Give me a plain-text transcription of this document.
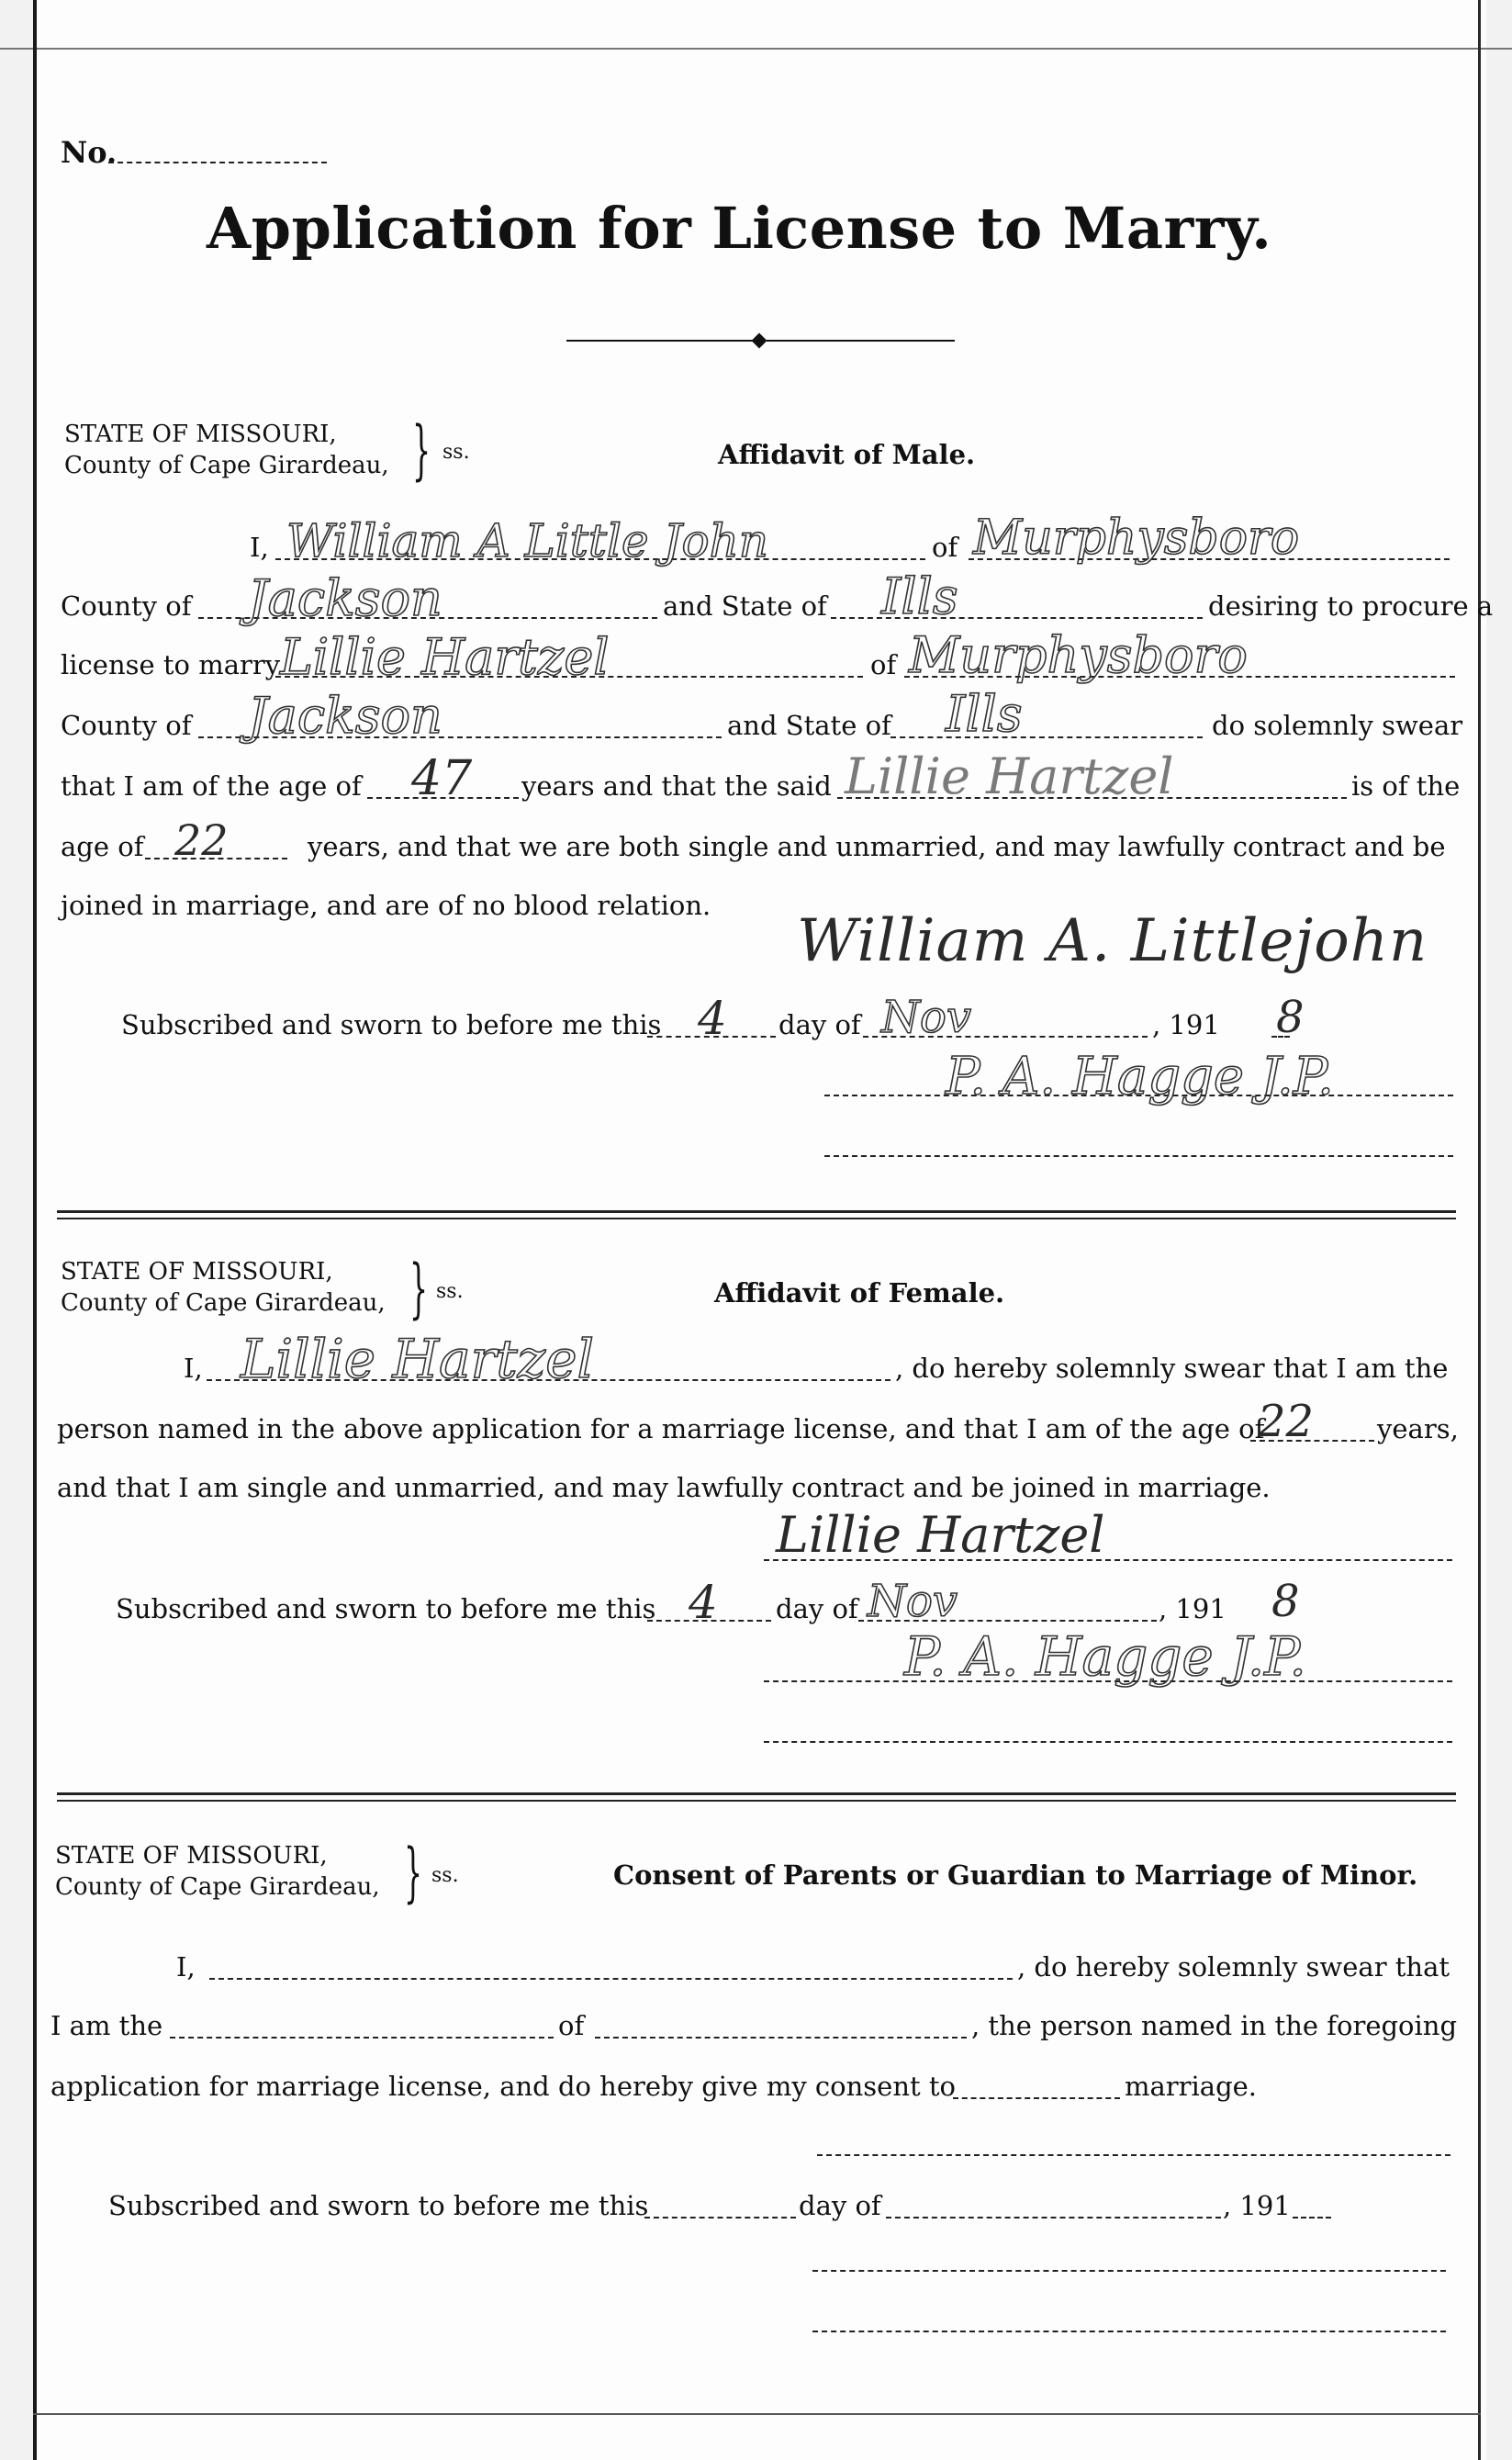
No.
Application for License to Marry.
STATE OF MISSOURI,
County of Cape Girardeau, } ss.	Affidavit of Male.
I, William A Little John	of Murphysboro
County of Jackson	and State of Ills	desiring to procure a
license to marry Lillie Hartzel	of Murphysboro
County of Jackson	and State of Ills	do solemnly swear
that I am of the age of 47 years and that the said Lillie Hartzel	is of the
age of 22	years, and that we are both single and unmarried, and may lawfully contract and be
joined in marriage, and are of no blood relation.
William A. Littlejohn
Subscribed and sworn to before me this 4 day of Nov	, 191 8
P. A. Hagge J.P.
STATE OF MISSOURI,
County of Cape Girardeau, } ss.	Affidavit of Female.
I, Lillie Hartzel	, do hereby solemnly swear that I am the
person named in the above application for a marriage license, and that I am of the age of
22 years,
and that I am single and unmarried, and may lawfully contract and be joined in marriage.
Lillie Hartzel
Subscribed and sworn to before me this 4 day of Nov	, 191 8
P. A. Hagge J.P.
STATE OF MISSOURI,
County of Cape Girardeau, } ss.	Consent of Parents or Guardian to Marriage of Minor.
I,	, do hereby solemnly swear that
I am the	of	, the person named in the foregoing
application for marriage license, and do hereby give my consent to	marriage.
Subscribed and sworn to before me this	day of	, 191
